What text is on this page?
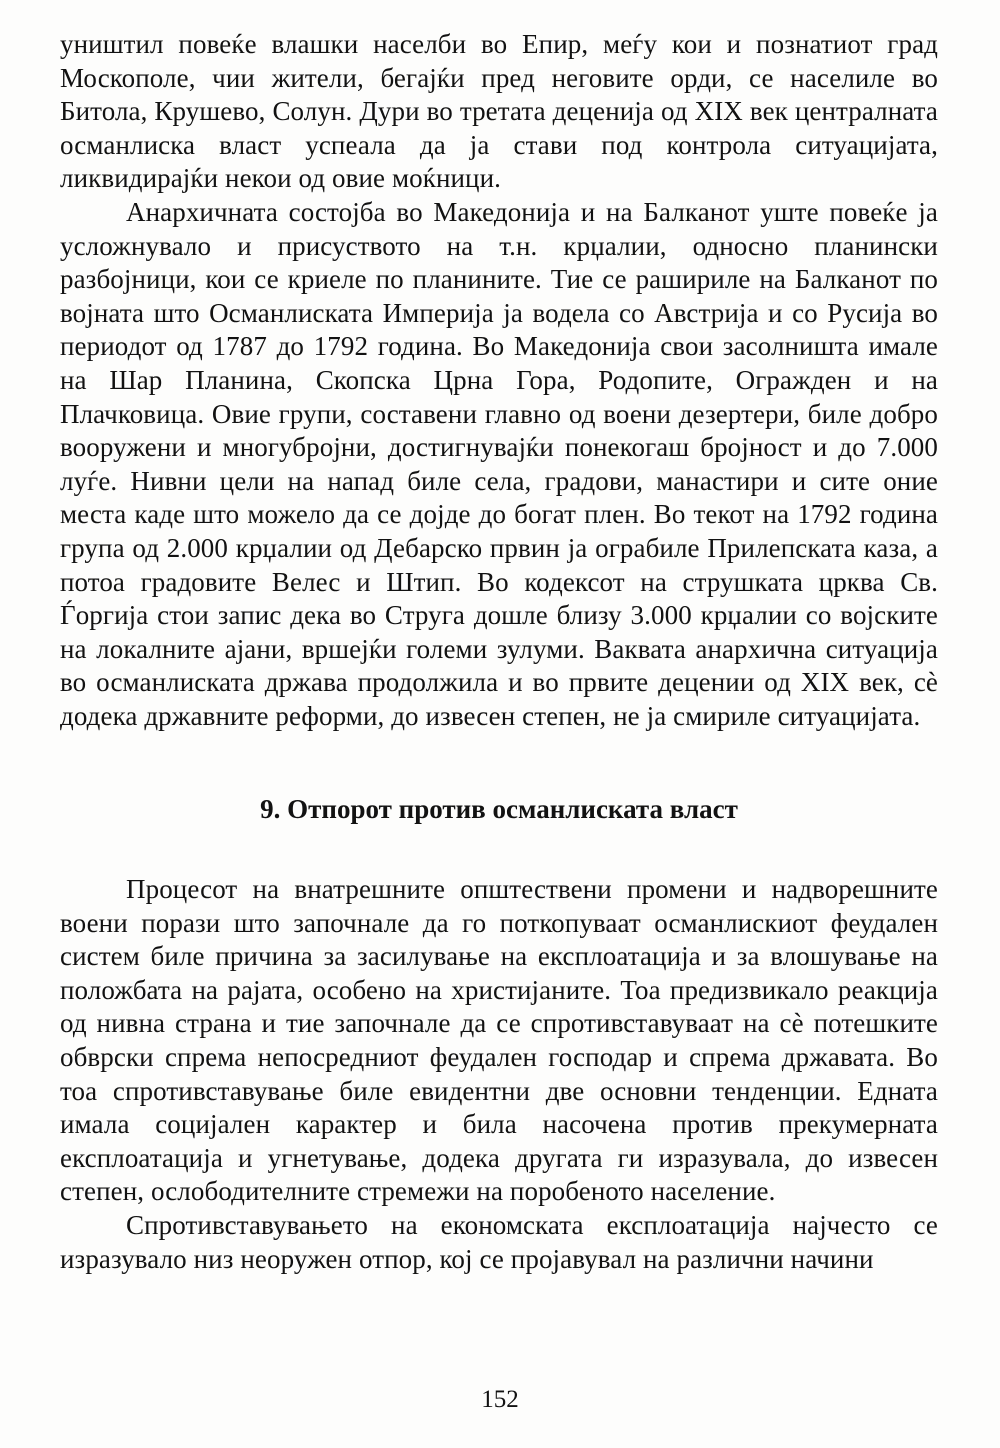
уништил повеќе влашки населби во Епир, меѓу кои и познатиот град Москополе, чии жители, бегајќи пред неговите орди, се населиле во Битола, Крушево, Солун. Дури во третата деценија од XIX век централната османлиска власт успеала да ја стави под контрола ситуацијата, ликвидирајќи некои од овие моќници.

Анархичната состојба во Македонија и на Балканот уште повеќе ја усложнувало и присуството на т.н. крџалии, односно планински разбојници, кои се криеле по планините. Тие се рашириле на Балканот по војната што Османлиската Империја ја водела со Австрија и со Русија во периодот од 1787 до 1792 година. Во Македонија свои засолништа имале на Шар Планина, Скопска Црна Гора, Родопите, Огражден и на Плачковица. Овие групи, составени главно од воени дезертери, биле добро вооружени и многубројни, достигнувајќи понекогаш бројност и до 7.000 луѓе. Нивни цели на напад биле села, градови, манастири и сите оние места каде што можело да се дојде до богат плен. Во текот на 1792 година група од 2.000 крџалии од Дебарско првин ја ограбиле Прилепската каза, а потоа градовите Велес и Штип. Во кодексот на струшката црква Св. Ѓоргија стои запис дека во Струга дошле близу 3.000 крџалии со војските на локалните ајани, вршејќи големи зулуми. Ваквата анархична ситуација во османлиската држава продолжила и во првите децении од XIX век, сѐ додека државните реформи, до извесен степен, не ја смириле ситуацијата.

9. Отпорот против османлиската власт

Процесот на внатрешните општествени промени и надворешните воени порази што започнале да го поткопуваат османлискиот феудален систем биле причина за засилување на експлоатација и за влошување на положбата на рајата, особено на христијаните. Тоа предизвикало реакција од нивна страна и тие започнале да се спротивставуваат на сѐ потешките обврски спрема непосредниот феудален господар и спрема државата. Во тоа спротивставување биле евидентни две основни тенденции. Едната имала социјален карактер и била насочена против прекумерната експлоатација и угнетување, додека другата ги изразувала, до извесен степен, ослободителните стремежи на поробеното население.

Спротивставувањето на економската експлоатација најчесто се изразувало низ неоружен отпор, кој се пројавувал на различни начини

152
